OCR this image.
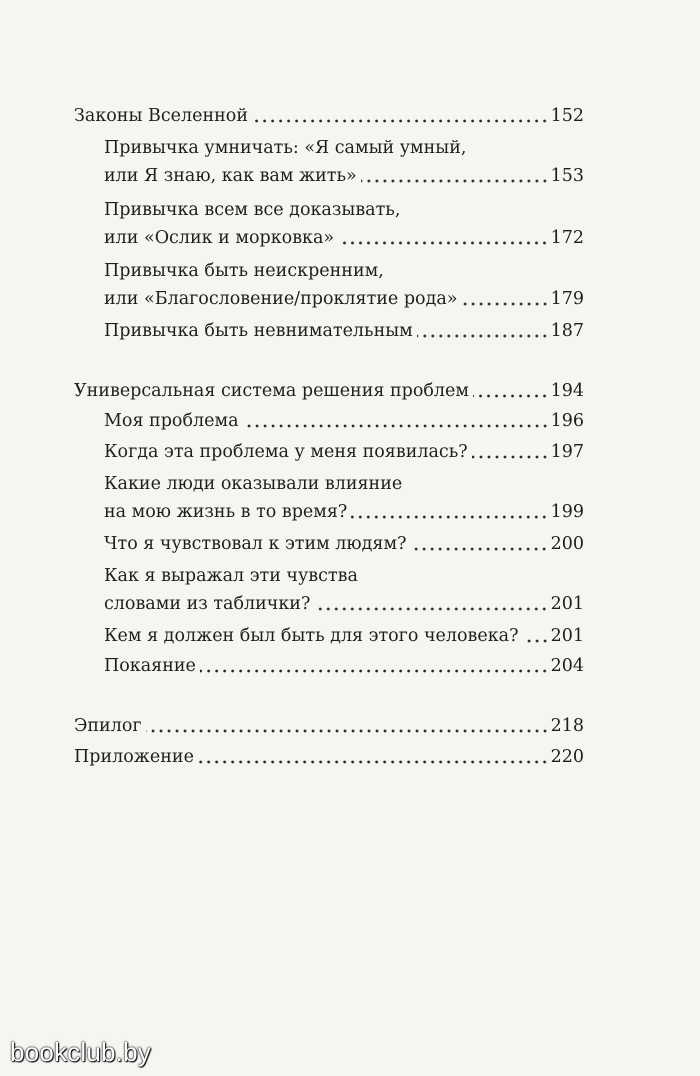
Законы Вселенной	152
Привычка умничать: «Я самый умный,
или Я знаю, как вам жить»	153
Привычка всем все доказывать,
или «Ослик и морковка»	172
Привычка быть неискренним,
или «Благословение/проклятие рода»	179
Привычка быть невнимательным	187
Универсальная система решения проблем	194
Моя проблема	196
Когда эта проблема у меня появилась?	197
Какие люди оказывали влияние
на мою жизнь в то время?	199
Что я чувствовал к этим людям?	200
Как я выражал эти чувства
словами из таблички?	201
Кем я должен был быть для этого человека? 201
Покаяние	204
Эпилог	218
Приложение	220
bookclub.by
